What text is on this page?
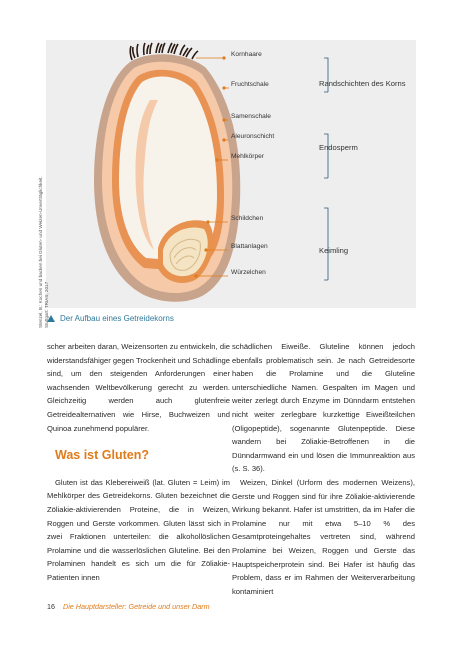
Kornhaare
Fruchtschale
Samenschale
Aleuronschicht
Mehlkörper
Schildchen
Blattanlagen
Würzelchen
Randschichten des Korns
Endosperm
Keimling
Stenzel, B.: Kochen und backen bei Gluten- und Weizen-Unverträglichkeit. Stuttgart: TRIAS; 2017	Der Aufbau eines Getreidekorns

scher arbeiten daran, Weizensorten zu entwickeln, die widerstandsfähiger gegen Trockenheit und Schädlinge sind, um den steigenden Anforderungen einer wachsenden Weltbevölkerung gerecht zu werden. Gleichzeitig werden auch glutenfreie Getreidealternativen wie Hirse, Buchweizen und Quinoa zunehmend populärer.

Was ist Gluten?

Gluten ist das Klebereiweiß (lat. Gluten = Leim) im Mehlkörper des Getreidekorns. Gluten bezeichnet die Zöliakie-aktivierenden Proteine, die in Weizen, Roggen und Gerste vorkommen. Gluten lässt sich in zwei Fraktionen unterteilen: die alkohollöslichen Prolamine und die wasserlöslichen Gluteline. Bei den Prolaminen handelt es sich um die für Zöliakie-Patienten innen

schädlichen Eiweiße. Gluteline können jedoch ebenfalls problematisch sein. Je nach Getreidesorte haben die Prolamine und die Gluteline unterschiedliche Namen. Gespalten im Magen und weiter zerlegt durch Enzyme im Dünndarm entstehen nicht weiter zerlegbare kurzkettige Eiweißteilchen (Oligopeptide), sogenannte Glutenpeptide. Diese wandern bei Zöliakie-Betroffenen in die Dünndarmwand ein und lösen die Immunreaktion aus (s. S. 36).

Weizen, Dinkel (Urform des modernen Weizens), Gerste und Roggen sind für ihre Zöliakie-aktivierende Wirkung bekannt. Hafer ist umstritten, da im Hafer die Prolamine nur mit etwa 5–10 % des Gesamtproteingehaltes vertreten sind, während Prolamine bei Weizen, Roggen und Gerste das Hauptspeicherprotein sind. Bei Hafer ist häufig das Problem, dass er im Rahmen der Weiterverarbeitung kontaminiert

16 Die Hauptdarsteller: Getreide und unser Darm
